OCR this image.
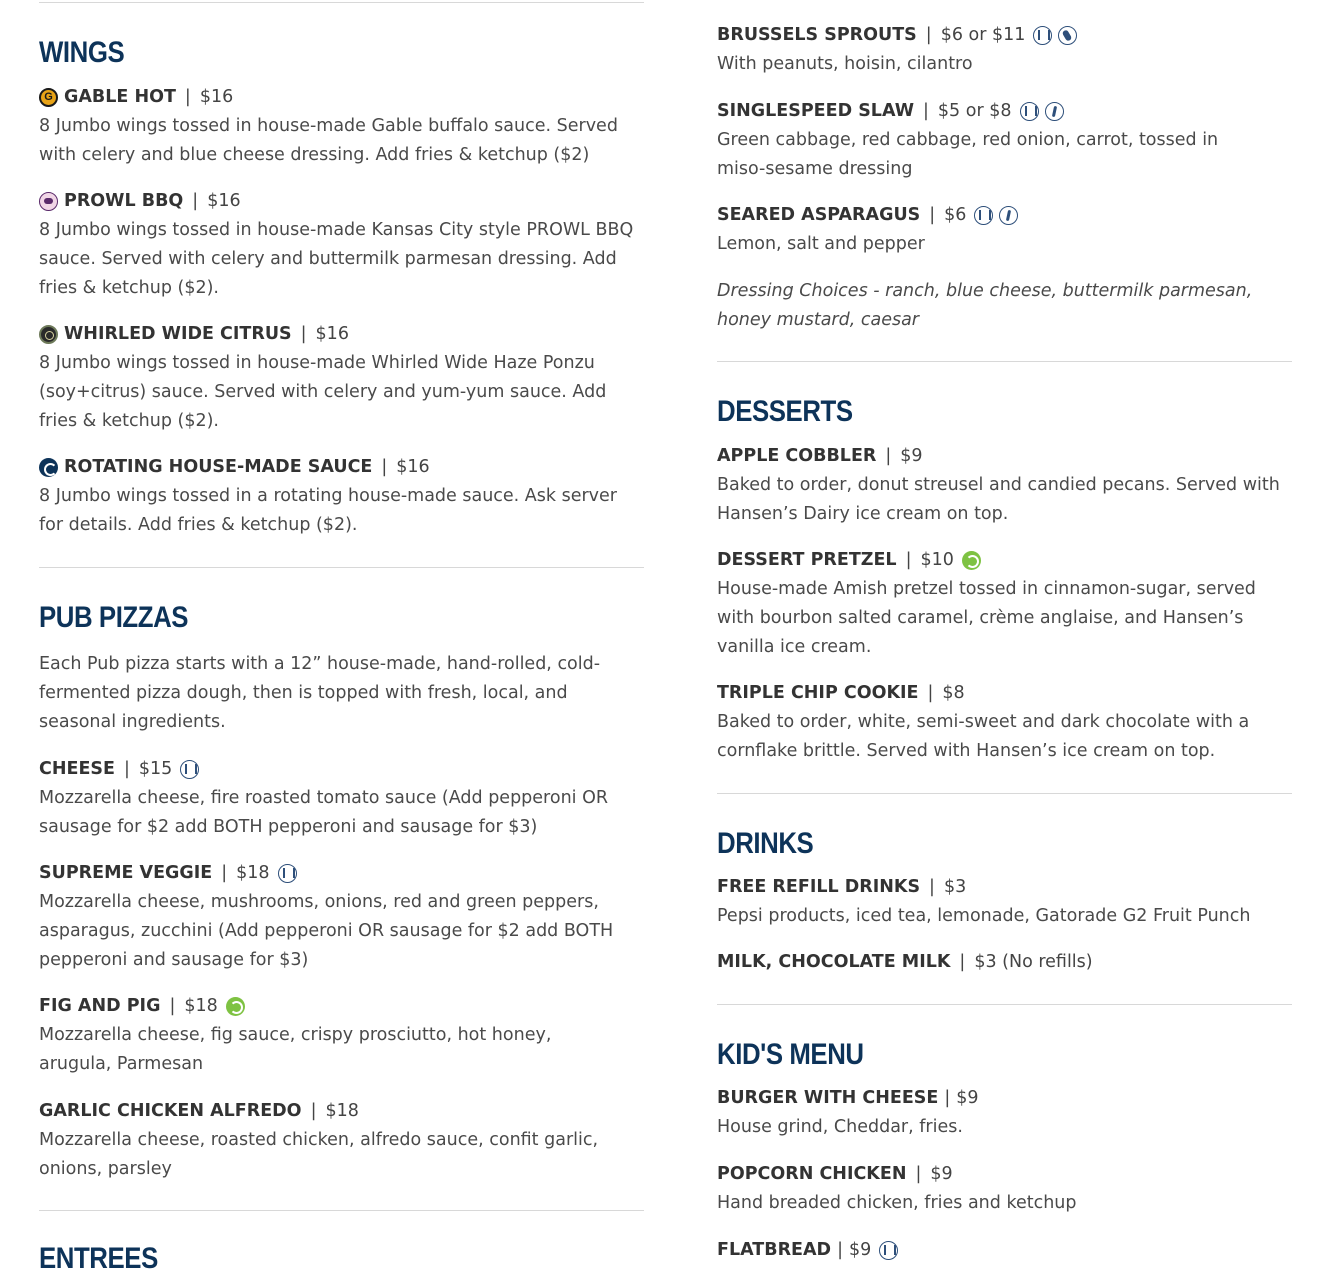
WINGS
G
GABLE HOT | $16
8 Jumbo wings tossed in house-made Gable buffalo sauce. Served with celery and blue cheese dressing. Add fries & ketchup ($2)
PROWL BBQ | $16
8 Jumbo wings tossed in house-made Kansas City style PROWL BBQ sauce. Served with celery and buttermilk parmesan dressing. Add fries & ketchup ($2).
WHIRLED WIDE CITRUS | $16
8 Jumbo wings tossed in house-made Whirled Wide Haze Ponzu (soy+citrus) sauce. Served with celery and yum-yum sauce. Add fries & ketchup ($2).
ROTATING HOUSE-MADE SAUCE | $16
8 Jumbo wings tossed in a rotating house-made sauce. Ask server for details. Add fries & ketchup ($2).
PUB PIZZAS
Each Pub pizza starts with a 12” house-made, hand-rolled, cold-fermented pizza dough, then is topped with fresh, local, and seasonal ingredients.
CHEESE | $15
Mozzarella cheese, fire roasted tomato sauce (Add pepperoni OR sausage for $2 add BOTH pepperoni and sausage for $3)
SUPREME VEGGIE | $18
Mozzarella cheese, mushrooms, onions, red and green peppers, asparagus, zucchini (Add pepperoni OR sausage for $2 add BOTH pepperoni and sausage for $3)
FIG AND PIG | $18
Mozzarella cheese, fig sauce, crispy prosciutto, hot honey, arugula, Parmesan
GARLIC CHICKEN ALFREDO | $18
Mozzarella cheese, roasted chicken, alfredo sauce, confit garlic, onions, parsley
ENTREES
BRUSSELS SPROUTS | $6 or $11
With peanuts, hoisin, cilantro
SINGLESPEED SLAW | $5 or $8
Green cabbage, red cabbage, red onion, carrot, tossed in miso-sesame dressing
SEARED ASPARAGUS | $6
Lemon, salt and pepper
Dressing Choices - ranch, blue cheese, buttermilk parmesan, honey mustard, caesar
DESSERTS
APPLE COBBLER | $9
Baked to order, donut streusel and candied pecans. Served with Hansen’s Dairy ice cream on top.
DESSERT PRETZEL | $10
House-made Amish pretzel tossed in cinnamon-sugar, served with bourbon salted caramel, crème anglaise, and Hansen’s vanilla ice cream.
TRIPLE CHIP COOKIE | $8
Baked to order, white, semi-sweet and dark chocolate with a cornflake brittle. Served with Hansen’s ice cream on top.
DRINKS
FREE REFILL DRINKS | $3
Pepsi products, iced tea, lemonade, Gatorade G2 Fruit Punch
MILK, CHOCOLATE MILK | $3 (No refills)
KID'S MENU
BURGER WITH CHEESE | $9
House grind, Cheddar, fries.
POPCORN CHICKEN | $9
Hand breaded chicken, fries and ketchup
FLATBREAD | $9
